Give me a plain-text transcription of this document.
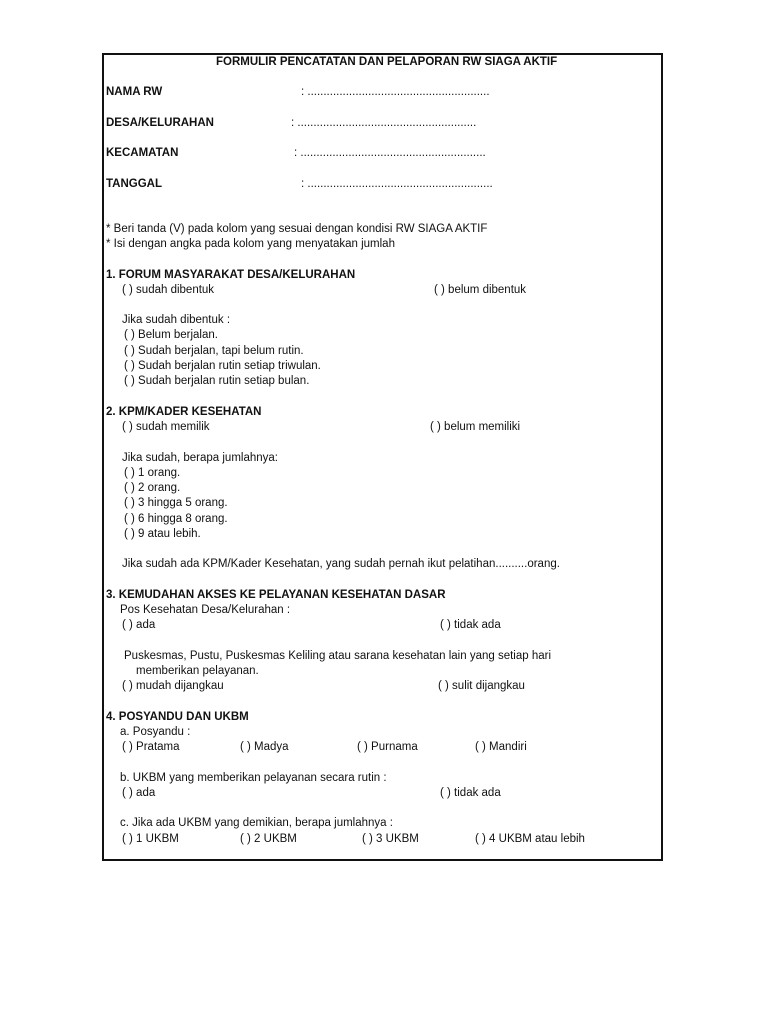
FORMULIR PENCATATAN DAN PELAPORAN RW SIAGA AKTIF
NAMA RW	: .........................................................
DESA/KELURAHAN	: ........................................................
KECAMATAN	: ..........................................................
TANGGAL	: ..........................................................
* Beri tanda (V) pada kolom yang sesuai dengan kondisi RW SIAGA AKTIF
* Isi dengan angka pada kolom yang menyatakan jumlah
1. FORUM MASYARAKAT DESA/KELURAHAN
( ) sudah dibentuk	( ) belum dibentuk
Jika sudah dibentuk :
( ) Belum berjalan.
( ) Sudah berjalan, tapi belum rutin.
( ) Sudah berjalan rutin setiap triwulan.
( ) Sudah berjalan rutin setiap bulan.
2. KPM/KADER KESEHATAN
( ) sudah memilik	( ) belum memiliki
Jika sudah, berapa jumlahnya:
( ) 1 orang.
( ) 2 orang.
( ) 3 hingga 5 orang.
( ) 6 hingga 8 orang.
( ) 9 atau lebih.
Jika sudah ada KPM/Kader Kesehatan, yang sudah pernah ikut pelatihan..........orang.
3. KEMUDAHAN AKSES KE PELAYANAN KESEHATAN DASAR
Pos Kesehatan Desa/Kelurahan :
( ) ada	( ) tidak ada
Puskesmas, Pustu, Puskesmas Keliling atau sarana kesehatan lain yang setiap hari
memberikan pelayanan.
( ) mudah dijangkau	( ) sulit dijangkau
4. POSYANDU DAN UKBM
a. Posyandu :
( ) Pratama	( ) Madya	( ) Purnama	( ) Mandiri
b. UKBM yang memberikan pelayanan secara rutin :
( ) ada	( ) tidak ada
c. Jika ada UKBM yang demikian, berapa jumlahnya :
( ) 1 UKBM	( ) 2 UKBM	( ) 3 UKBM	( ) 4 UKBM atau lebih
